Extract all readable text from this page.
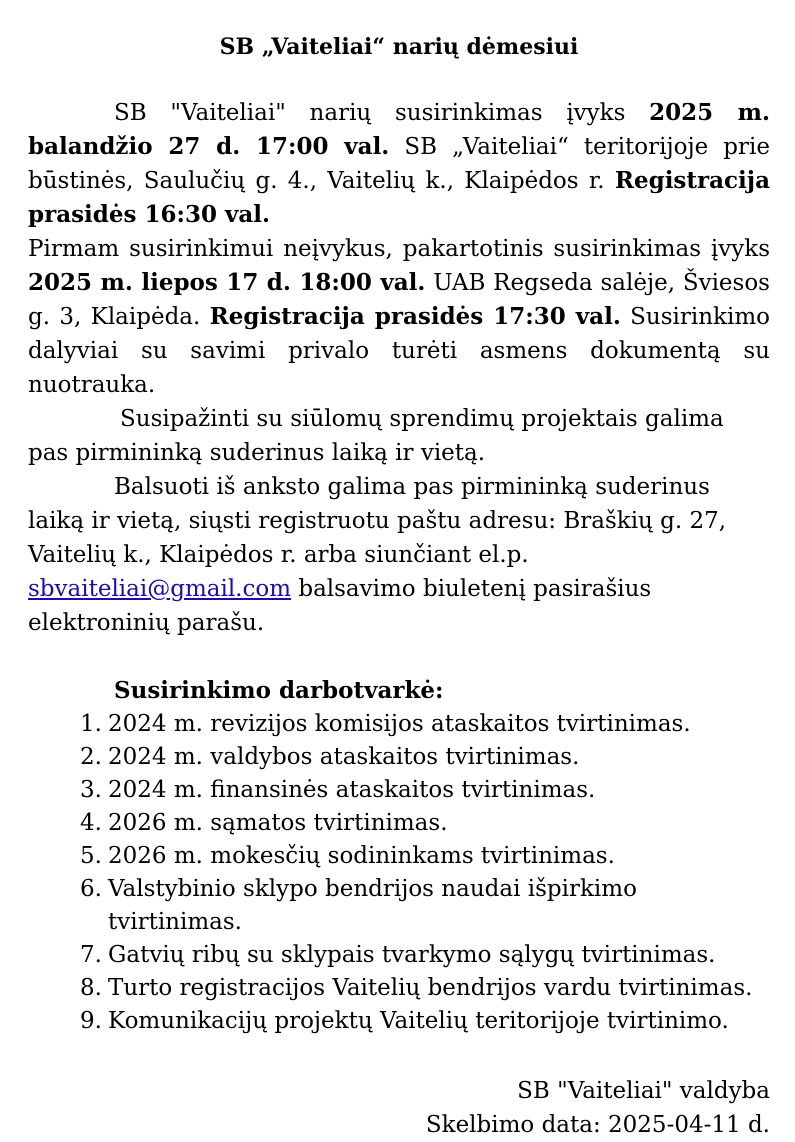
SB „Vaiteliai“ narių dėmesiui

SB "Vaiteliai" narių susirinkimas įvyks 2025 m. balandžio 27 d. 17:00 val. SB „Vaiteliai“ teritorijoje prie būstinės, Saulučių g. 4., Vaitelių k., Klaipėdos r. Registracija prasidės 16:30 val.

Pirmam susirinkimui neįvykus, pakartotinis susirinkimas įvyks 2025 m. liepos 17 d. 18:00 val. UAB Regseda salėje, Šviesos g. 3, Klaipėda. Registracija prasidės 17:30 val. Susirinkimo dalyviai su savimi privalo turėti asmens dokumentą su nuotrauka.

Susipažinti su siūlomų sprendimų projektais galima pas pirmininką suderinus laiką ir vietą.

Balsuoti iš anksto galima pas pirmininką suderinus laiką ir vietą, siųsti registruotu paštu adresu: Braškių g. 27, Vaitelių k., Klaipėdos r. arba siunčiant el.p. sbvaiteliai@gmail.com balsavimo biuletenį pasirašius elektroninių parašu.

Susirinkimo darbotvarkė:
1. 2024 m. revizijos komisijos ataskaitos tvirtinimas.
2. 2024 m. valdybos ataskaitos tvirtinimas.
3. 2024 m. finansinės ataskaitos tvirtinimas.
4. 2026 m. sąmatos tvirtinimas.
5. 2026 m. mokesčių sodininkams tvirtinimas.
6. Valstybinio sklypo bendrijos naudai išpirkimo tvirtinimas.
7. Gatvių ribų su sklypais tvarkymo sąlygų tvirtinimas.
8. Turto registracijos Vaitelių bendrijos vardu tvirtinimas.
9. Komunikacijų projektų Vaitelių teritorijoje tvirtinimo.
SB "Vaiteliai" valdyba
Skelbimo data: 2025-04-11 d.
